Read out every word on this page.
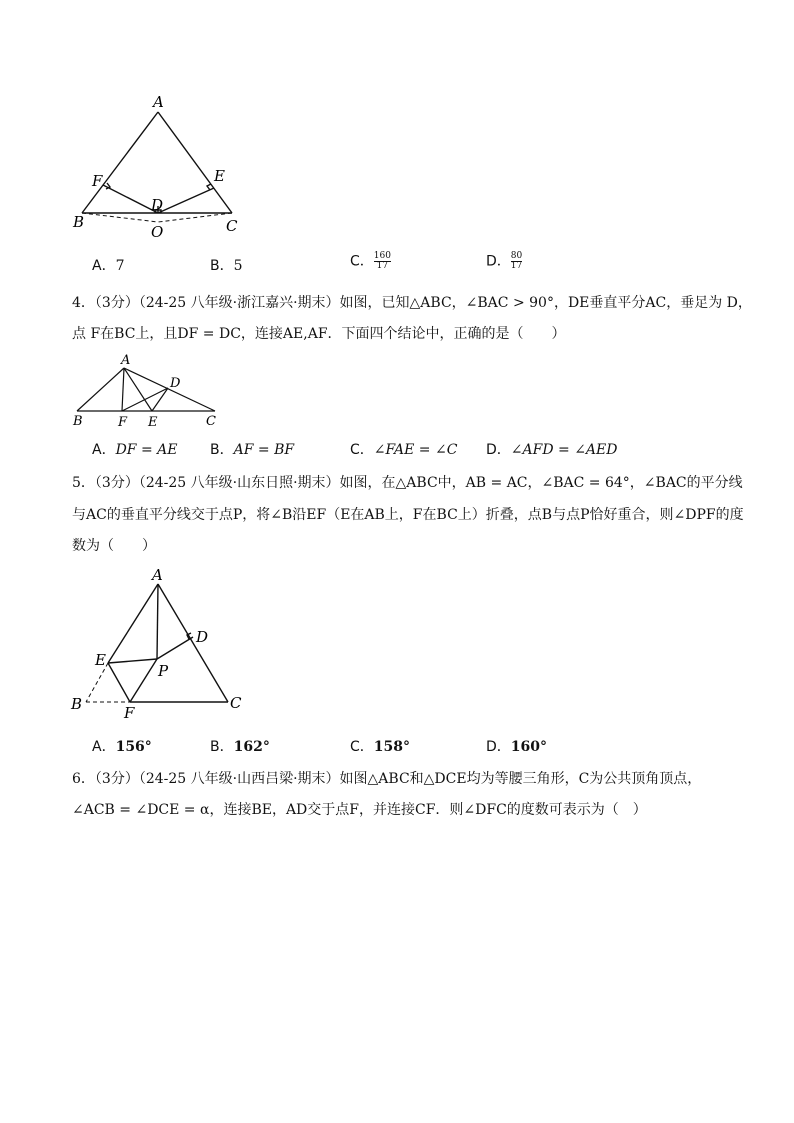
A
F	E
D
B	C
O
A．7	B．5	C． $\frac{160}{17}$	D． $\frac{80}{17}$
4．（3分）（24-25 八年级·浙江嘉兴·期末）如图，已知△ABC，∠BAC > 90°，DE垂直平分AC，垂足为 D，
点 F在BC上，且DF = DC，连接AE,AF．下面四个结论中，正确的是（　　）
A
D
B	F E	C
A．DF = AE B．AF = BF	C．∠FAE = ∠C D．∠AFD = ∠AED
5．（3分）（24-25 八年级·山东日照·期末）如图，在△ABC中，AB = AC，∠BAC = 64°，∠BAC的平分线
与AC的垂直平分线交于点P，将∠B沿EF（E在AB上，F在BC上）折叠，点B与点P恰好重合，则∠DPF的度
数为（　　）
A
D
E
P
B	F
C
A．156°	B．162°	C．158°	D．160°
6．（3分）（24-25 八年级·山西吕梁·期末）如图△ABC和△DCE均为等腰三角形，C为公共顶角顶点，
∠ACB = ∠DCE = α，连接BE，AD交于点F，并连接CF．则∠DFC的度数可表示为（　）
